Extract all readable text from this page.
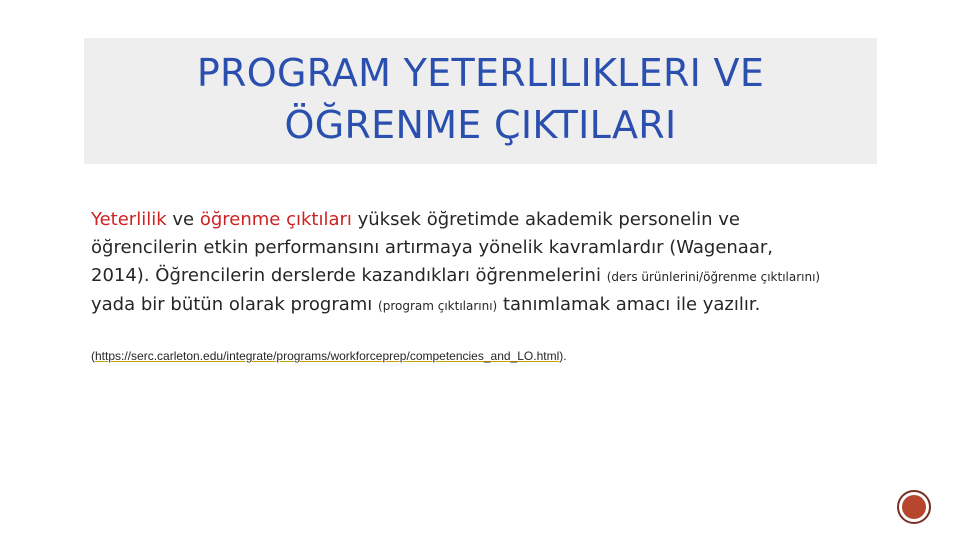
PROGRAM YETERLILIKLERI VE
ÖĞRENME ÇIKTILARI
Yeterlilik ve öğrenme çıktıları yüksek öğretimde akademik personelin ve öğrencilerin etkin performansını artırmaya yönelik kavramlardır (Wagenaar, 2014). Öğrencilerin derslerde kazandıkları öğrenmelerini (ders ürünlerini/öğrenme çıktılarını) yada bir bütün olarak programı (program çıktılarını) tanımlamak amacı ile yazılır.
(https://serc.carleton.edu/integrate/programs/workforceprep/competencies_and_LO.html).
